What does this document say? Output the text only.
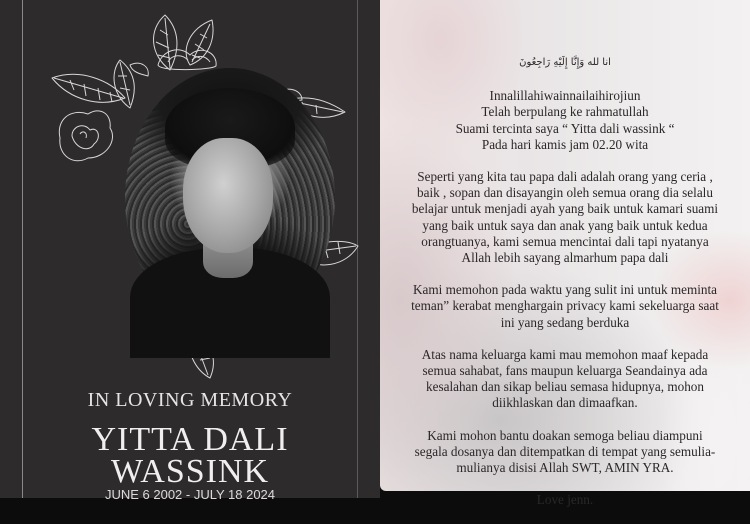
IN LOVING MEMORY
YITTA DALI
WASSINK
JUNE 6 2002 - JULY 18 2024
انا لله وَإِنَّا إِلَيْهِ رَاجِعُونَ

Innalillahiwainnailaihirojiun
Telah berpulang ke rahmatullah
Suami tercinta saya “ Yitta dali wassink “
Pada hari kamis jam 02.20 wita

Seperti yang kita tau papa dali adalah orang yang ceria ,
baik , sopan dan disayangin oleh semua orang dia selalu
belajar untuk menjadi ayah yang baik untuk kamari suami
yang baik untuk saya dan anak yang baik untuk kedua
orangtuanya, kami semua mencintai dali tapi nyatanya
Allah lebih sayang almarhum papa dali

Kami memohon pada waktu yang sulit ini untuk meminta
teman” kerabat menghargain privacy kami sekeluarga saat
ini yang sedang berduka

Atas nama keluarga kami mau memohon maaf kepada
semua sahabat, fans maupun keluarga Seandainya ada
kesalahan dan sikap beliau semasa hidupnya, mohon
diikhlaskan dan dimaafkan.

Kami mohon bantu doakan semoga beliau diampuni
segala dosanya dan ditempatkan di tempat yang semulia-
mulianya disisi Allah SWT, AMIN YRA.

Love jenn.
